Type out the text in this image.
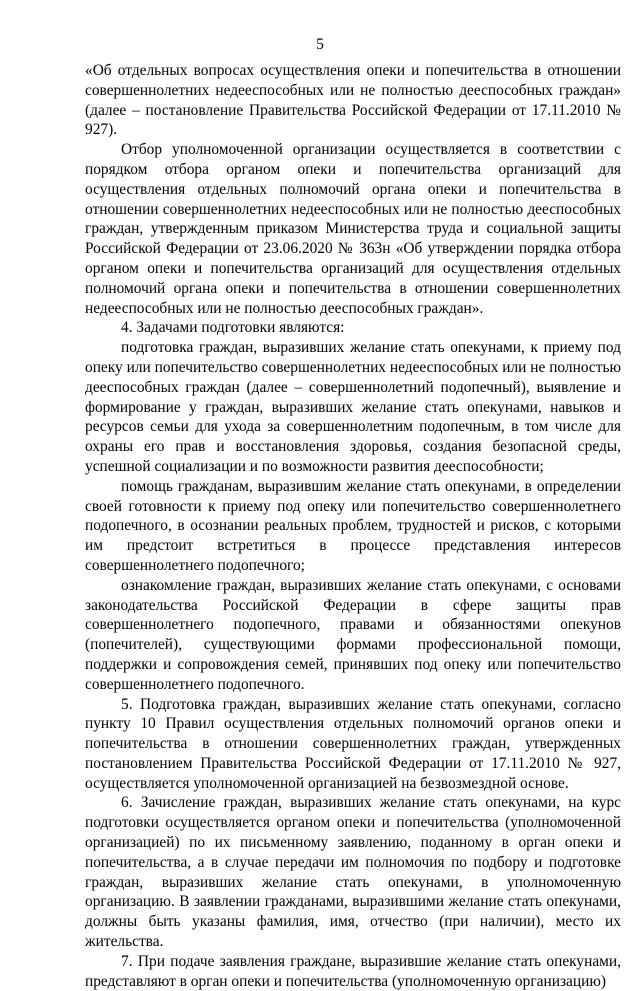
5

«Об отдельных вопросах осуществления опеки и попечительства в отношении совершеннолетних недееспособных или не полностью дееспособных граждан» (далее – постановление Правительства Российской Федерации от 17.11.2010 № 927).

Отбор уполномоченной организации осуществляется в соответствии с порядком отбора органом опеки и попечительства организаций для осуществления отдельных полномочий органа опеки и попечительства в отношении совершеннолетних недееспособных или не полностью дееспособных граждан, утвержденным приказом Министерства труда и социальной защиты Российской Федерации от 23.06.2020 № 363н «Об утверждении порядка отбора органом опеки и попечительства организаций для осуществления отдельных полномочий органа опеки и попечительства в отношении совершеннолетних недееспособных или не полностью дееспособных граждан».

4. Задачами подготовки являются:

подготовка граждан, выразивших желание стать опекунами, к приему под опеку или попечительство совершеннолетних недееспособных или не полностью дееспособных граждан (далее – совершеннолетний подопечный), выявление и формирование у граждан, выразивших желание стать опекунами, навыков и ресурсов семьи для ухода за совершеннолетним подопечным, в том числе для охраны его прав и восстановления здоровья, создания безопасной среды, успешной социализации и по возможности развития дееспособности;

помощь гражданам, выразившим желание стать опекунами, в определении своей готовности к приему под опеку или попечительство совершеннолетнего подопечного, в осознании реальных проблем, трудностей и рисков, с которыми им предстоит встретиться в процессе представления интересов совершеннолетнего подопечного;

ознакомление граждан, выразивших желание стать опекунами, с основами законодательства Российской Федерации в сфере защиты прав совершеннолетнего подопечного, правами и обязанностями опекунов (попечителей), существующими формами профессиональной помощи, поддержки и сопровождения семей, принявших под опеку или попечительство совершеннолетнего подопечного.

5. Подготовка граждан, выразивших желание стать опекунами, согласно пункту 10 Правил осуществления отдельных полномочий органов опеки и попечительства в отношении совершеннолетних граждан, утвержденных постановлением Правительства Российской Федерации от 17.11.2010 № 927, осуществляется уполномоченной организацией на безвозмездной основе.

6. Зачисление граждан, выразивших желание стать опекунами, на курс подготовки осуществляется органом опеки и попечительства (уполномоченной организацией) по их письменному заявлению, поданному в орган опеки и попечительства, а в случае передачи им полномочия по подбору и подготовке граждан, выразивших желание стать опекунами, в уполномоченную организацию. В заявлении гражданами, выразившими желание стать опекунами, должны быть указаны фамилия, имя, отчество (при наличии), место их жительства.

7. При подаче заявления граждане, выразившие желание стать опекунами, представляют в орган опеки и попечительства (уполномоченную организацию)
